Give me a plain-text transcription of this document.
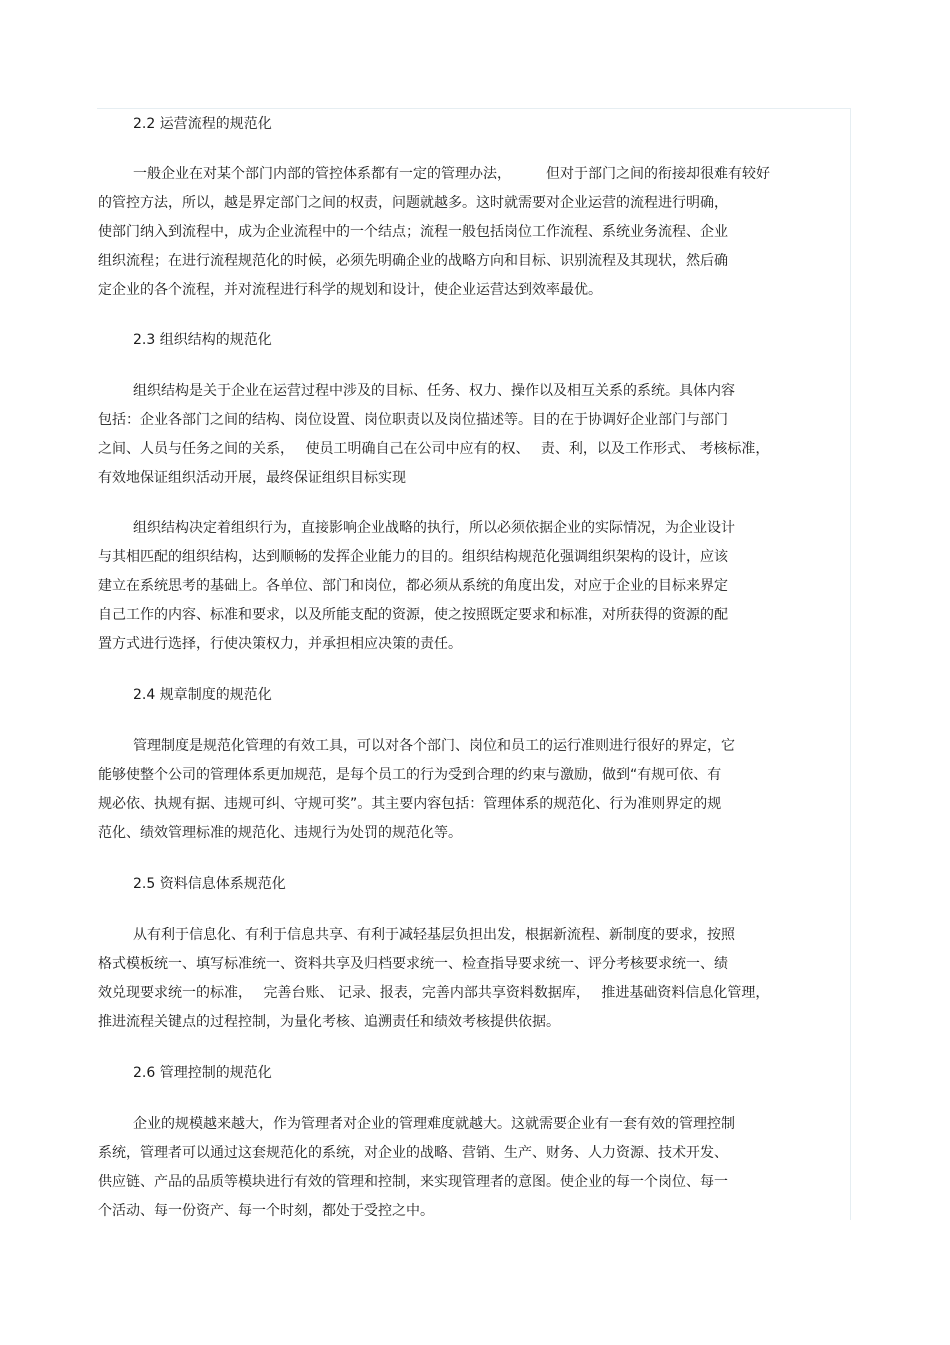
2.2 运营流程的规范化
一般企业在对某个部门内部的管控体系都有一定的管理办法，　　　但对于部门之间的衔接却很难有较好
的管控方法，所以，越是界定部门之间的权责，问题就越多。这时就需要对企业运营的流程进行明确，
使部门纳入到流程中，成为企业流程中的一个结点；流程一般包括岗位工作流程、系统业务流程、企业
组织流程；在进行流程规范化的时候，必须先明确企业的战略方向和目标、识别流程及其现状，然后确
定企业的各个流程，并对流程进行科学的规划和设计，使企业运营达到效率最优。
2.3 组织结构的规范化
组织结构是关于企业在运营过程中涉及的目标、任务、权力、操作以及相互关系的系统。具体内容
包括：企业各部门之间的结构、岗位设置、岗位职责以及岗位描述等。目的在于协调好企业部门与部门
之间、人员与任务之间的关系，　 使员工明确自己在公司中应有的权、　 责、利，以及工作形式、 考核标准，
有效地保证组织活动开展，最终保证组织目标实现
组织结构决定着组织行为，直接影响企业战略的执行，所以必须依据企业的实际情况，为企业设计
与其相匹配的组织结构，达到顺畅的发挥企业能力的目的。组织结构规范化强调组织架构的设计，应该
建立在系统思考的基础上。各单位、部门和岗位，都必须从系统的角度出发，对应于企业的目标来界定
自己工作的内容、标准和要求，以及所能支配的资源，使之按照既定要求和标准，对所获得的资源的配
置方式进行选择，行使决策权力，并承担相应决策的责任。
2.4 规章制度的规范化
管理制度是规范化管理的有效工具，可以对各个部门、岗位和员工的运行准则进行很好的界定，它
能够使整个公司的管理体系更加规范，是每个员工的行为受到合理的约束与激励，做到“有规可依、有
规必依、执规有据、违规可纠、守规可奖”。其主要内容包括：管理体系的规范化、行为准则界定的规
范化、绩效管理标准的规范化、违规行为处罚的规范化等。
2.5 资料信息体系规范化
从有利于信息化、有利于信息共享、有利于减轻基层负担出发，根据新流程、新制度的要求，按照
格式模板统一、填写标准统一、资料共享及归档要求统一、检查指导要求统一、评分考核要求统一、绩
效兑现要求统一的标准，　 完善台账、 记录、报表，完善内部共享资料数据库，　 推进基础资料信息化管理，
推进流程关键点的过程控制，为量化考核、追溯责任和绩效考核提供依据。
2.6 管理控制的规范化
企业的规模越来越大，作为管理者对企业的管理难度就越大。这就需要企业有一套有效的管理控制
系统，管理者可以通过这套规范化的系统，对企业的战略、营销、生产、财务、人力资源、技术开发、
供应链、产品的品质等模块进行有效的管理和控制，来实现管理者的意图。使企业的每一个岗位、每一
个活动、每一份资产、每一个时刻，都处于受控之中。
